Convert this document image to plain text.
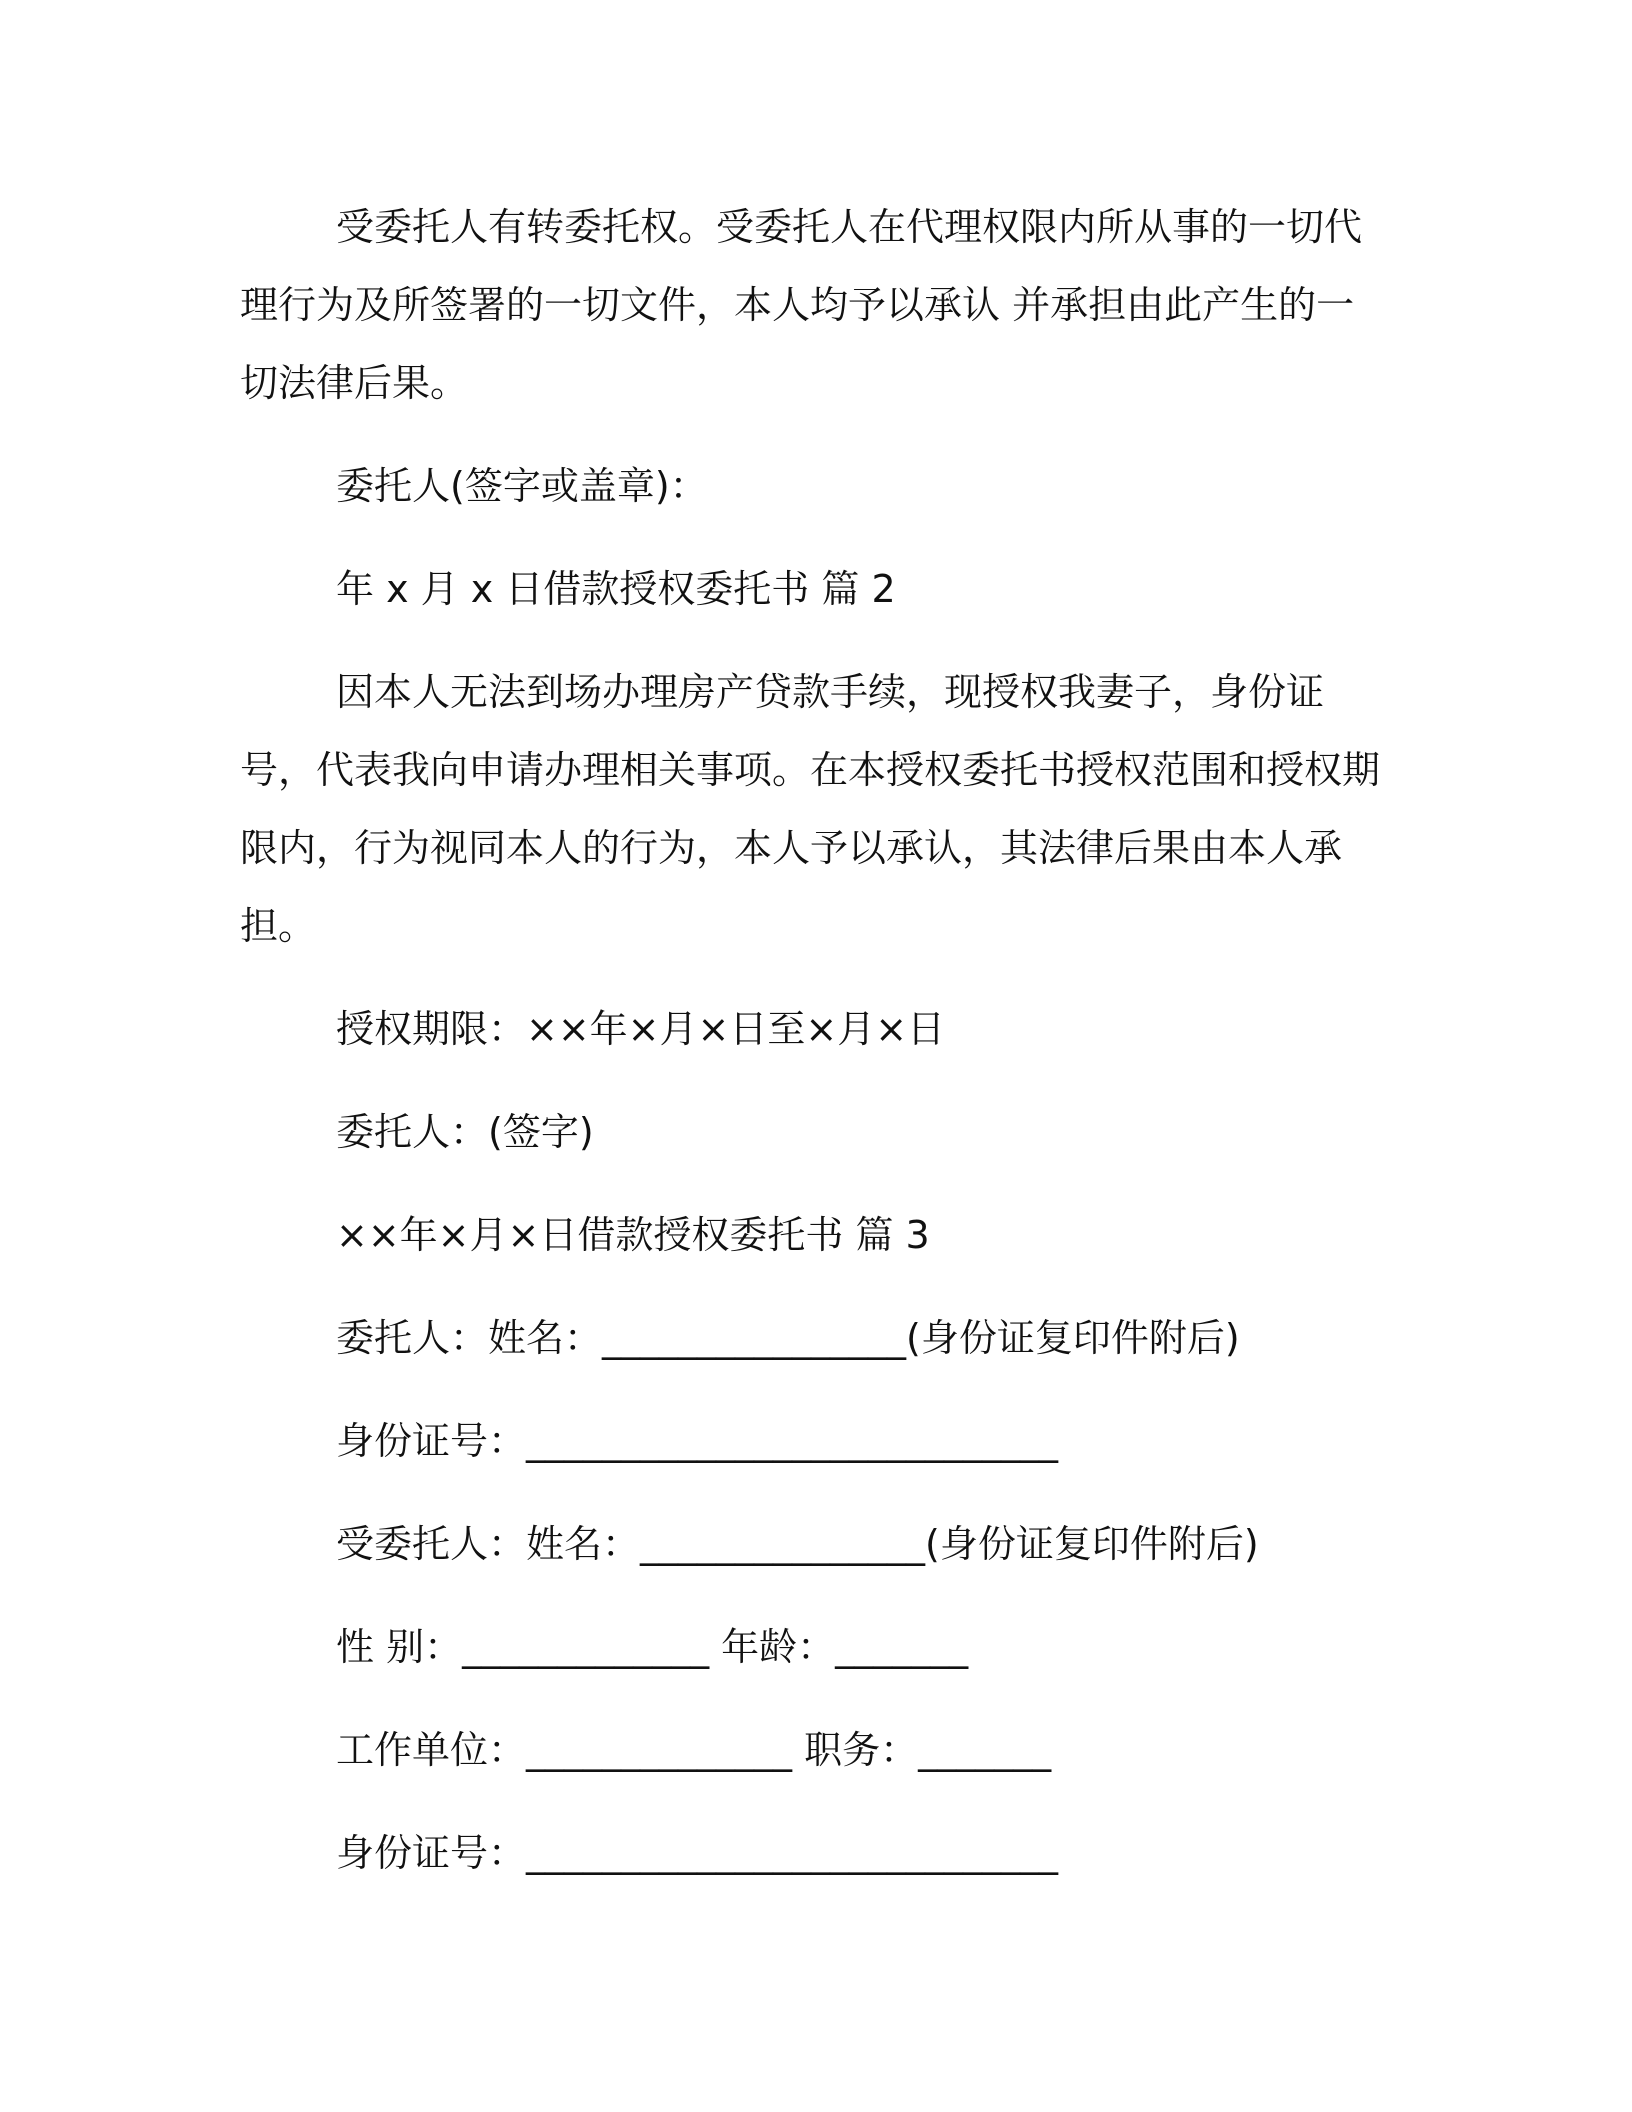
受委托人有转委托权。受委托人在代理权限内所从事的一切代理行为及所签署的一切文件，本人均予以承认 并承担由此产生的一切法律后果。

委托人(签字或盖章)：

年 x 月 x 日借款授权委托书 篇 2

因本人无法到场办理房产贷款手续，现授权我妻子，身份证号，代表我向申请办理相关事项。在本授权委托书授权范围和授权期限内，行为视同本人的行为，本人予以承认，其法律后果由本人承担。

授权期限：××年×月×日至×月×日

委托人：(签字)

××年×月×日借款授权委托书 篇 3

委托人：姓名：________________(身份证复印件附后)

身份证号：____________________________

受委托人：姓名：_______________(身份证复印件附后)

性 别：_____________ 年龄：_______

工作单位：______________ 职务：_______

身份证号：____________________________
